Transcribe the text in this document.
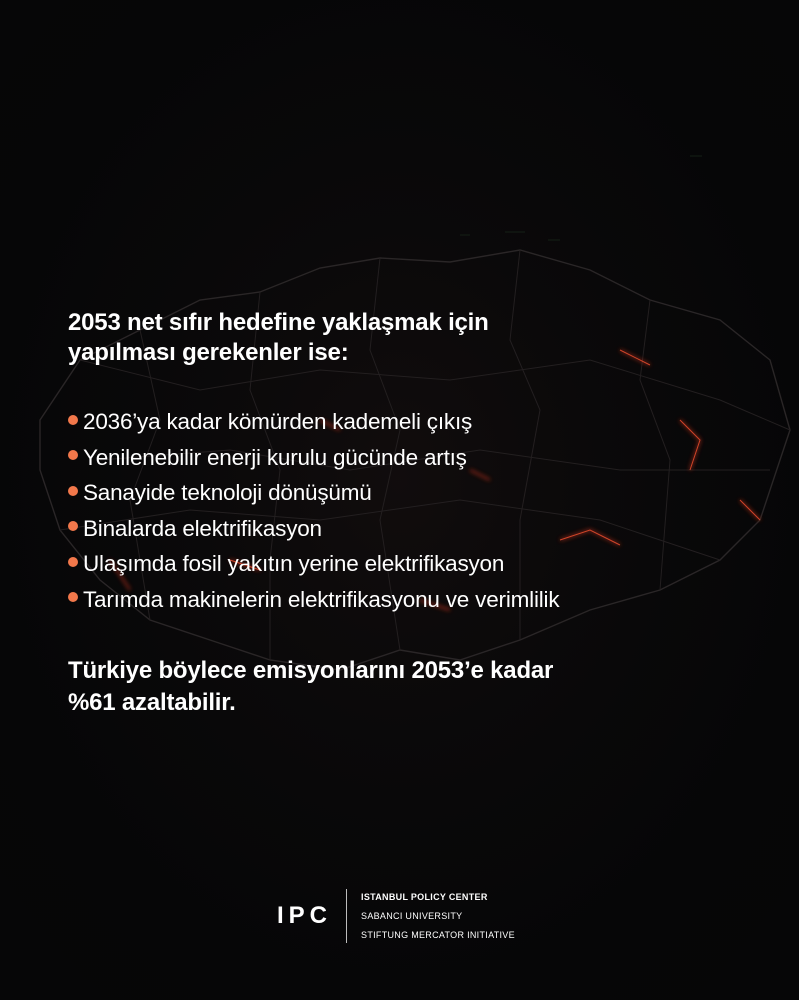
2053 net sıfır hedefine yaklaşmak için
yapılması gerekenler ise:
2036’ya kadar kömürden kademeli çıkış
Yenilenebilir enerji kurulu gücünde artış
Sanayide teknoloji dönüşümü
Binalarda elektrifikasyon
Ulaşımda fosil yakıtın yerine elektrifikasyon
Tarımda makinelerin elektrifikasyonu ve verimlilik

Türkiye böylece emisyonlarını 2053’e kadar
%61 azaltabilir.

IPC
ISTANBUL POLICY CENTER
SABANCI UNIVERSITY
STIFTUNG MERCATOR INITIATIVE
